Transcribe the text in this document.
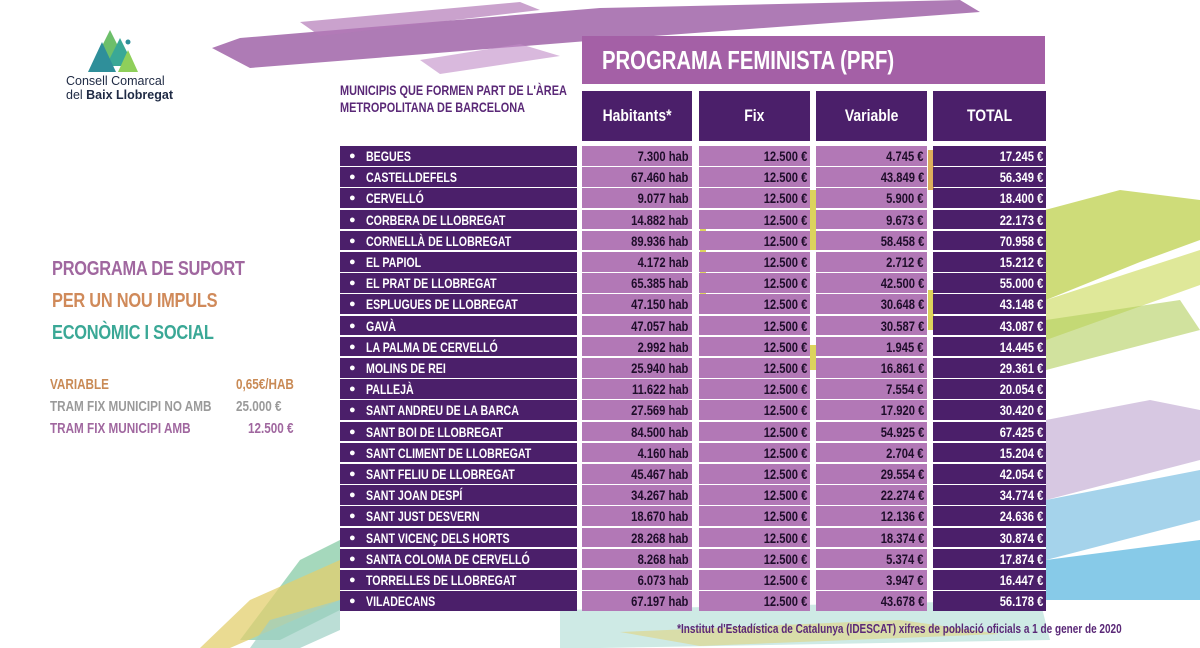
Consell Comarcal
del Baix Llobregat
PROGRAMA DE SUPORT
PER UN NOU IMPULS
ECONÒMIC I SOCIAL
VARIABLE	0,65€/HAB
TRAM FIX MUNICIPI NO AMB 25.000 €
TRAM FIX MUNICIPI AMB	12.500 €
PROGRAMA FEMINISTA (PRF)
MUNICIPIS QUE FORMEN PART DE L'ÀREA
METROPOLITANA DE BARCELONA	Habitants*	Fix	Variable	TOTAL
● BEGUES	7.300 hab	12.500 €	4.745 €	17.245 €
● CASTELLDEFELS	67.460 hab	12.500 €	43.849 €	56.349 €
● CERVELLÓ	9.077 hab	12.500 €	5.900 €	18.400 €
● CORBERA DE LLOBREGAT	14.882 hab	12.500 €	9.673 €	22.173 €
● CORNELLÀ DE LLOBREGAT	89.936 hab	12.500 €	58.458 €	70.958 €
● EL PAPIOL	4.172 hab	12.500 €	2.712 €	15.212 €
● EL PRAT DE LLOBREGAT	65.385 hab	12.500 €	42.500 €	55.000 €
● ESPLUGUES DE LLOBREGAT	47.150 hab	12.500 €	30.648 €	43.148 €
● GAVÀ	47.057 hab	12.500 €	30.587 €	43.087 €
● LA PALMA DE CERVELLÓ	2.992 hab	12.500 €	1.945 €	14.445 €
● MOLINS DE REI	25.940 hab	12.500 €	16.861 €	29.361 €
● PALLEJÀ	11.622 hab	12.500 €	7.554 €	20.054 €
● SANT ANDREU DE LA BARCA	27.569 hab	12.500 €	17.920 €	30.420 €
● SANT BOI DE LLOBREGAT	84.500 hab	12.500 €	54.925 €	67.425 €
● SANT CLIMENT DE LLOBREGAT	4.160 hab	12.500 €	2.704 €	15.204 €
● SANT FELIU DE LLOBREGAT	45.467 hab	12.500 €	29.554 €	42.054 €
● SANT JOAN DESPÍ	34.267 hab	12.500 €	22.274 €	34.774 €
● SANT JUST DESVERN	18.670 hab	12.500 €	12.136 €	24.636 €
● SANT VICENÇ DELS HORTS	28.268 hab	12.500 €	18.374 €	30.874 €
● SANTA COLOMA DE CERVELLÓ	8.268 hab	12.500 €	5.374 €	17.874 €
● TORRELLES DE LLOBREGAT	6.073 hab	12.500 €	3.947 €	16.447 €
● VILADECANS	67.197 hab	12.500 €	43.678 €	56.178 €
*Institut d'Estadística de Catalunya (IDESCAT) xifres de població oficials a 1 de gener de 2020
